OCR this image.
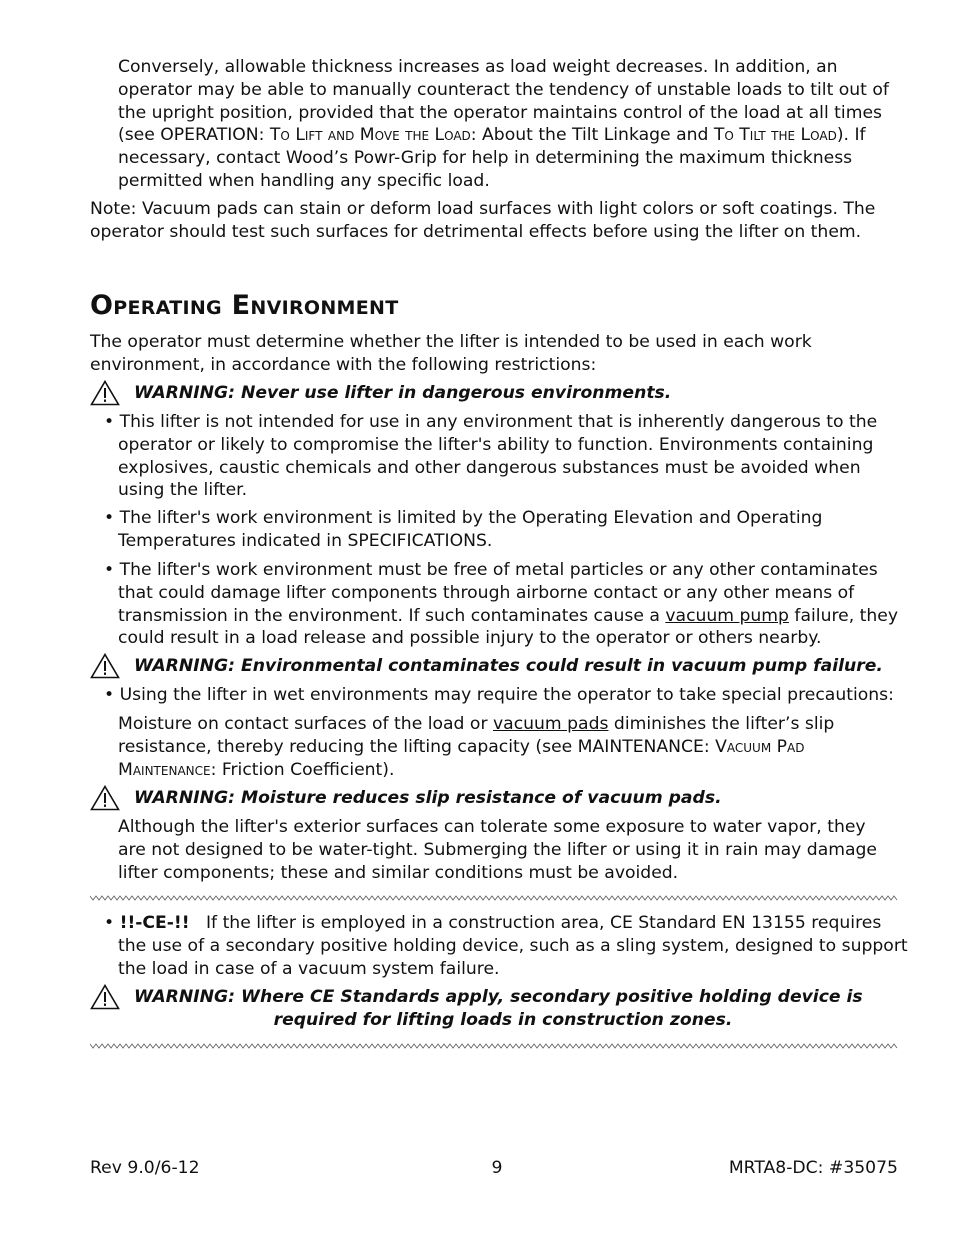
Conversely, allowable thickness increases as load weight decreases. In addition, an operator may be able to manually counteract the tendency of unstable loads to tilt out of the upright position, provided that the operator maintains control of the load at all times (see OPERATION: To Lift and Move the Load: About the Tilt Linkage and To Tilt the Load). If necessary, contact Wood’s Powr-Grip for help in determining the maximum thickness permitted when handling any specific load.

Note: Vacuum pads can stain or deform load surfaces with light colors or soft coatings. The operator should test such surfaces for detrimental effects before using the lifter on them.

Operating Environment

The operator must determine whether the lifter is intended to be used in each work environment, in accordance with the following restrictions:

WARNING: Never use lifter in dangerous environments.

• This lifter is not intended for use in any environment that is inherently dangerous to the operator or likely to compromise the lifter's ability to function. Environments containing explosives, caustic chemicals and other dangerous substances must be avoided when using the lifter.

• The lifter's work environment is limited by the Operating Elevation and Operating Temperatures indicated in SPECIFICATIONS.

• The lifter's work environment must be free of metal particles or any other contaminates that could damage lifter components through airborne contact or any other means of transmission in the environment. If such contaminates cause a vacuum pump failure, they could result in a load release and possible injury to the operator or others nearby.

WARNING: Environmental contaminates could result in vacuum pump failure.

• Using the lifter in wet environments may require the operator to take special precautions:

Moisture on contact surfaces of the load or vacuum pads diminishes the lifter’s slip resistance, thereby reducing the lifting capacity (see MAINTENANCE: Vacuum Pad Maintenance: Friction Coefficient).

WARNING: Moisture reduces slip resistance of vacuum pads.

Although the lifter's exterior surfaces can tolerate some exposure to water vapor, they are not designed to be water-tight. Submerging the lifter or using it in rain may damage lifter components; these and similar conditions must be avoided.

• !!-CE-!!   If the lifter is employed in a construction area, CE Standard EN 13155 requires the use of a secondary positive holding device, such as a sling system, designed to support the load in case of a vacuum system failure.

WARNING: Where CE Standards apply, secondary positive holding device is
required for lifting loads in construction zones.
Rev 9.0/6-12	9	MRTA8-DC: #35075
